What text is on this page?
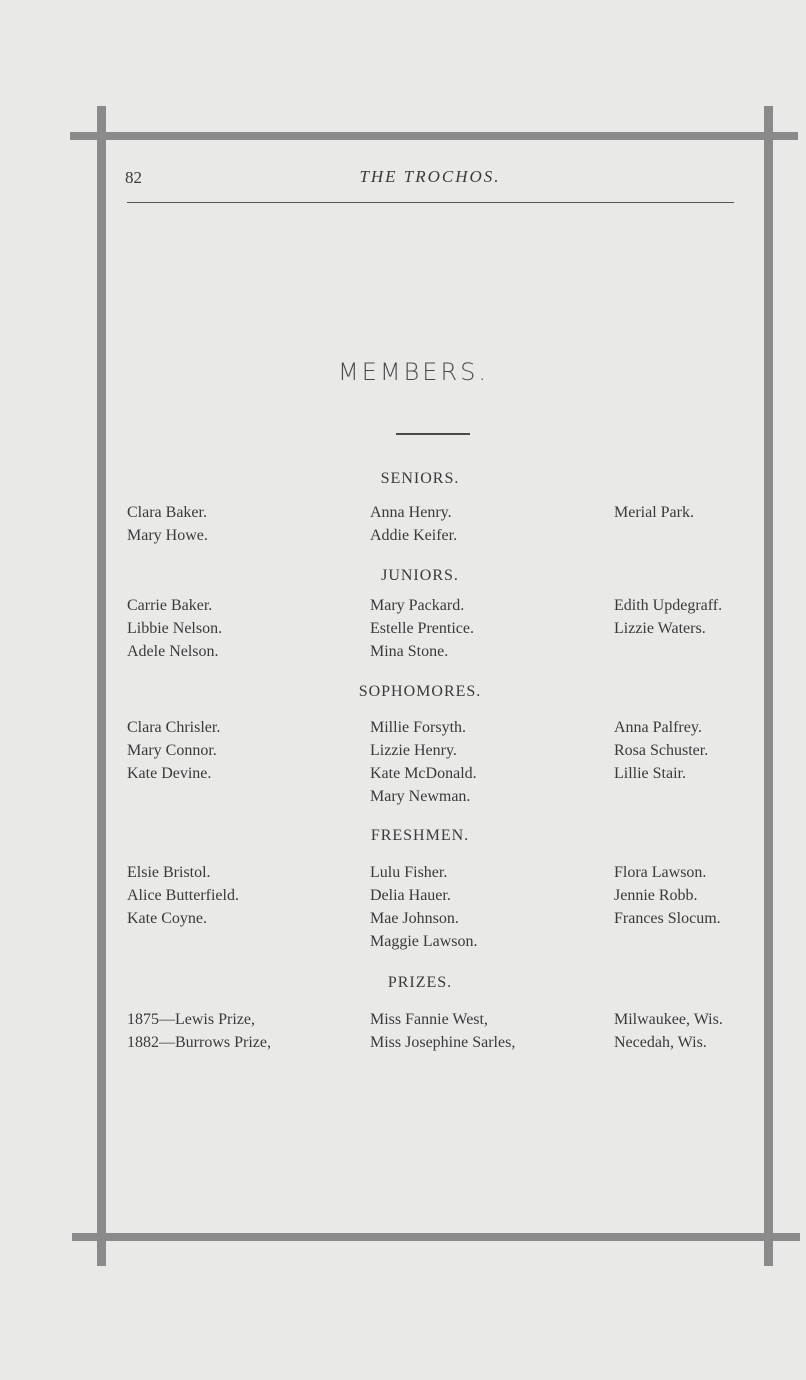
82	THE TROCHOS.
MEMBERS.
SENIORS.
Clara Baker.
Mary Howe.
Anna Henry.
Addie Keifer.
Merial Park.
JUNIORS.
Carrie Baker.
Libbie Nelson.
Adele Nelson.
Mary Packard.
Estelle Prentice.
Mina Stone.
Edith Updegraff.
Lizzie Waters.
SOPHOMORES.
Clara Chrisler.
Mary Connor.
Kate Devine.
Millie Forsyth.
Lizzie Henry.
Kate McDonald.
Mary Newman.
Anna Palfrey.
Rosa Schuster.
Lillie Stair.
FRESHMEN.
Elsie Bristol.
Alice Butterfield.
Kate Coyne.
Lulu Fisher.
Delia Hauer.
Mae Johnson.
Maggie Lawson.
Flora Lawson.
Jennie Robb.
Frances Slocum.
PRIZES.
1875—Lewis Prize,
1882—Burrows Prize,
Miss Fannie West,
Miss Josephine Sarles,
Milwaukee, Wis.
Necedah, Wis.
